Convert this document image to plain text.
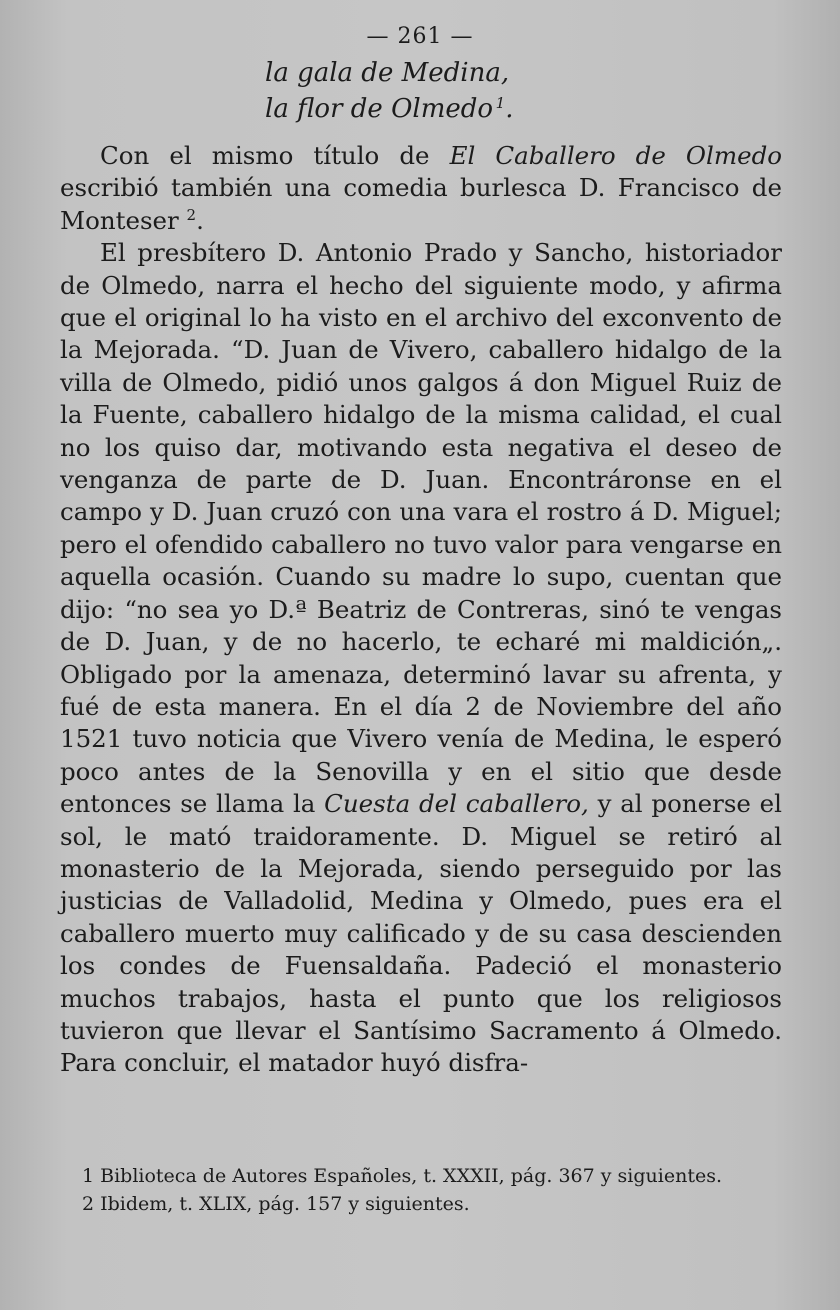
— 261 —
la gala de Medina,
la flor de Olmedo  $^1$.

Con el mismo título de El Caballero de Olmedo escribió también una comedia burlesca D. Francisco de Monteser $^2$.

El presbítero D. Antonio Prado y Sancho, historiador de Olmedo, narra el hecho del siguiente modo, y afirma que el original lo ha visto en el archivo del exconvento de la Mejorada. “D. Juan de Vivero, caballero hidalgo de la villa de Olmedo, pidió unos galgos á don Miguel Ruiz de la Fuente, caballero hidalgo de la misma calidad, el cual no los quiso dar, motivando esta negativa el deseo de venganza de parte de D. Juan. Encontráronse en el campo y D. Juan cruzó con una vara el rostro á D. Miguel; pero el ofendido caballero no tuvo valor para vengarse en aquella ocasión. Cuando su madre lo supo, cuentan que dijo: “no sea yo D.ª Beatriz de Contreras, sinó te vengas de D. Juan, y de no hacerlo, te echaré mi maldición„. Obligado por la amenaza, determinó lavar su afrenta, y fué de esta manera. En el día 2 de Noviembre del año 1521 tuvo noticia que Vivero venía de Medina, le esperó poco antes de la Senovilla y en el sitio que desde entonces se llama la Cuesta del caballero, y al ponerse el sol, le mató traidoramente. D. Miguel se retiró al monasterio de la Mejorada, siendo perseguido por las justicias de Valladolid, Medina y Olmedo, pues era el caballero muerto muy calificado y de su casa descienden los condes de Fuensaldaña. Padeció el monasterio muchos trabajos, hasta el punto que los religiosos tuvieron que llevar el Santísimo Sacramento á Olmedo. Para concluir, el matador huyó disfra-

1 Biblioteca de Autores Españoles, t. XXXII, pág. 367 y siguientes.

2 Ibidem, t. XLIX, pág. 157 y siguientes.
